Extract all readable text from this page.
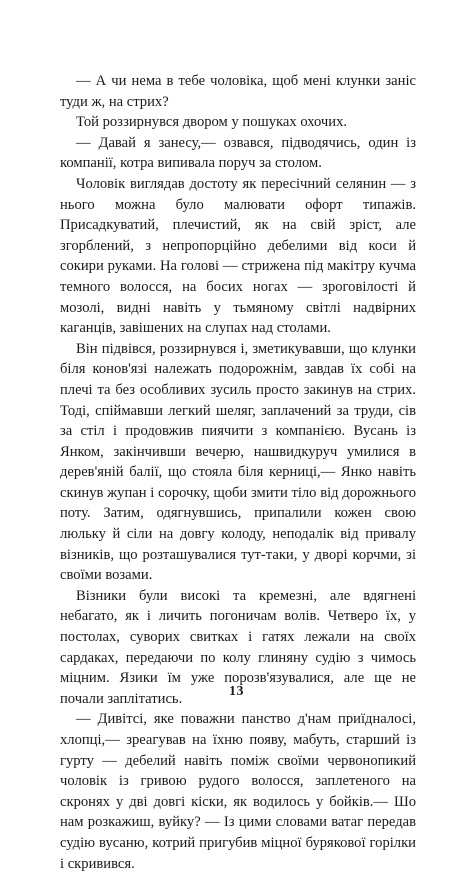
— А чи нема в тебе чоловіка, щоб мені клунки заніс туди ж, на стрих?

Той роззирнувся двором у пошуках охочих.

— Давай я занесу,— озвався, підводячись, один із компанії, котра випивала поруч за столом.

Чоловік виглядав достоту як пересічний селянин — з нього можна було малювати офорт типажів. Присадкуватий, плечистий, як на свій зріст, але згорблений, з непропорційно дебелими від коси й сокири руками. На голові — стрижена під макітру кучма темного волосся, на босих ногах — зроговілості й мозолі, видні навіть у тьмяному світлі надвірних каганців, завішених на слупах над столами.

Він підвівся, роззирнувся і, зметикувавши, що клунки біля конов'язі належать подорожнім, завдав їх собі на плечі та без особливих зусиль просто закинув на стрих. Тоді, спіймавши легкий шеляг, заплачений за труди, сів за стіл і продовжив пиячити з компанією. Вусань із Янком, закінчивши вечерю, нашвидкуруч умилися в дерев'яній балії, що стояла біля керниці,— Янко навіть скинув жупан і сорочку, щоби змити тіло від дорожнього поту. Затим, одягнувшись, припалили кожен свою люльку й сіли на довгу колоду, неподалік від привалу візників, що розташувалися тут-таки, у дворі корчми, зі своїми возами.

Візники були високі та кремезні, але вдягнені небагато, як і личить погоничам волів. Четверо їх, у постолах, суворих свитках і гатях лежали на своїх сардаках, передаючи по колу глиняну судію з чимось міцним. Язики їм уже порозв'язувалися, але ще не почали заплітатись.

— Дивітсі, яке поважни панство д'нам приїдналосі, хлопці,— зреагував на їхню появу, мабуть, старший із гурту — дебелий навіть поміж своїми червонопикий чоловік із гривою рудого волосся, заплетеного на скронях у дві довгі кіски, як водилось у бойків.— Шо нам розкажиш, вуйку? — Із цими словами ватаг передав судію вусаню, котрий пригубив міцної бурякової горілки і скривився.

13
